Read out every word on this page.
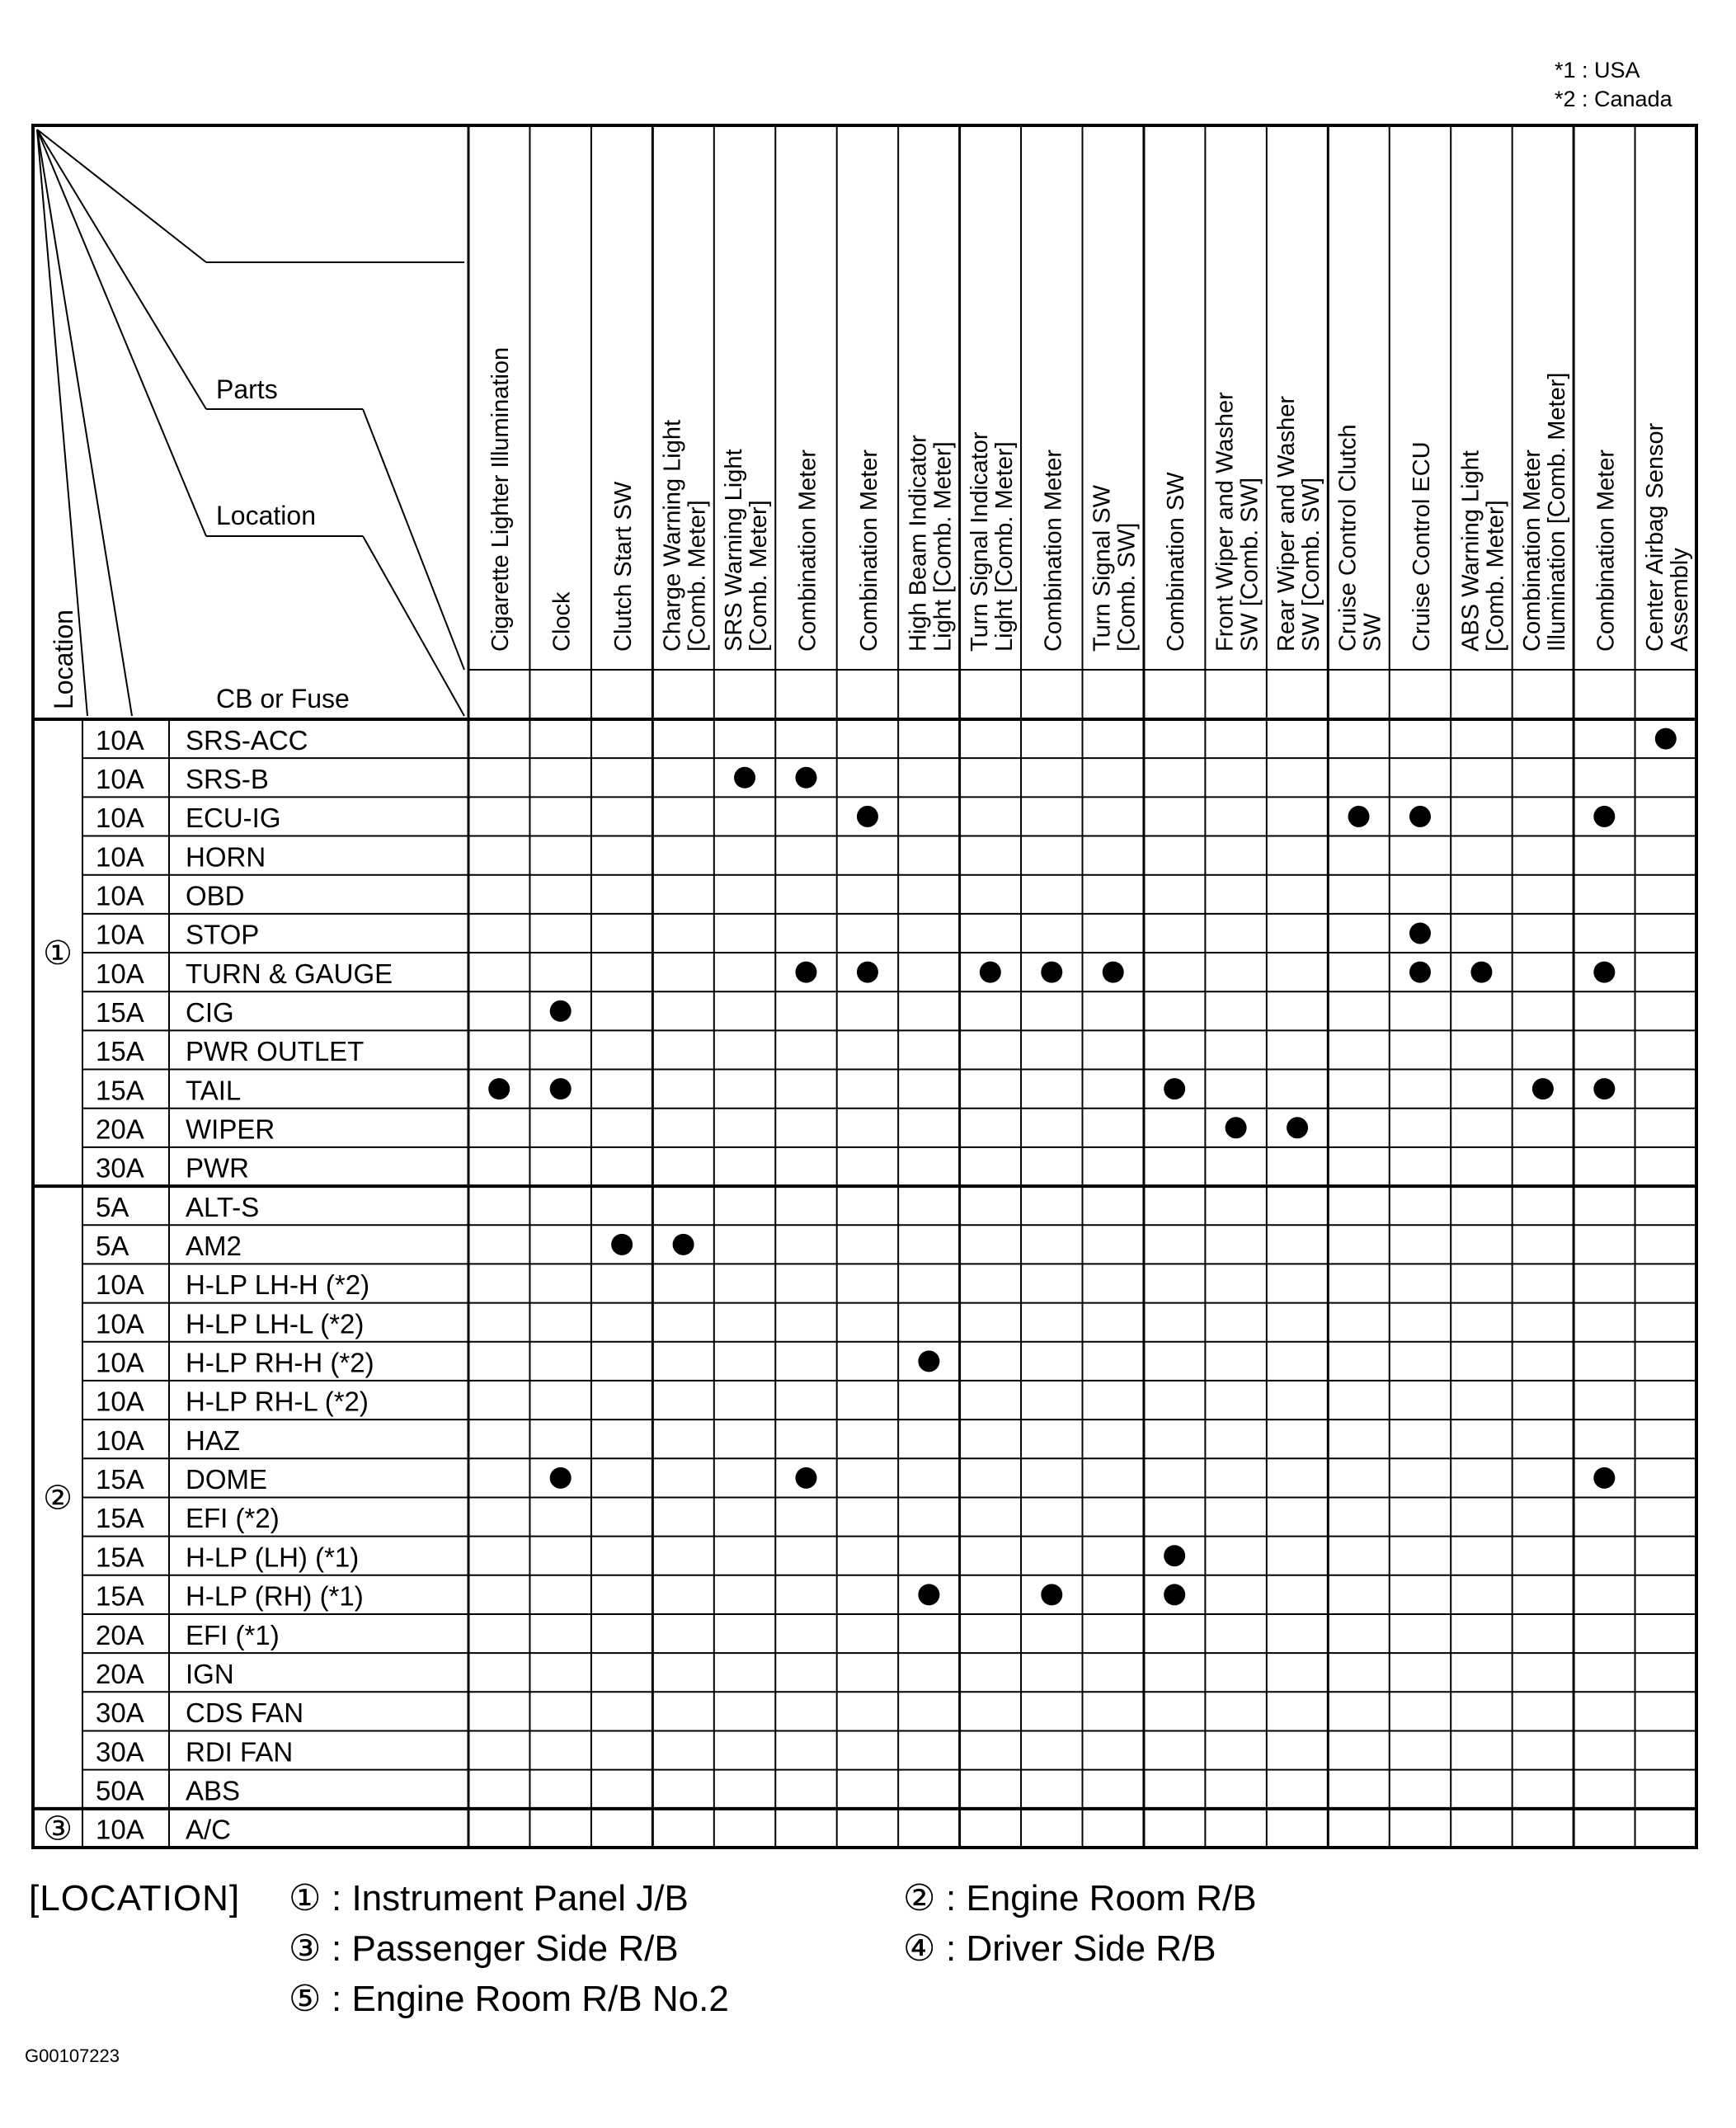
*1 : USA
*2 : Canada
Parts
Location
CB or Fuse
Location
Cigarette Lighter Illumination Clock Clutch Start SW Charge Warning Light
[Comb. Meter] SRS Warning Light
[Comb. Meter] Combination Meter Combination Meter High Beam Indicator
Light [Comb. Meter] Turn Signal Indicator
Light [Comb. Meter] Combination Meter Turn Signal SW
[Comb. SW] Combination SW Front Wiper and Washer
SW [Comb. SW] Rear Wiper and Washer
SW [Comb. SW] Cruise Control Clutch
SW Cruise Control ECU ABS Warning Light
[Comb. Meter] Combination Meter
Illumination [Comb. Meter] Combination Meter Center Airbag Sensor
Assembly
10A SRS-ACC
10A SRS-B
10A ECU-IG
10A HORN
10A OBD
10A STOP
10A TURN & GAUGE
15A CIG
15A PWR OUTLET
15A TAIL
20A WIPER
30A PWR
①
5A ALT-S
5A AM2
10A H-LP LH-H (*2)
10A H-LP LH-L (*2)
10A H-LP RH-H (*2)
10A H-LP RH-L (*2)
10A HAZ
15A DOME
15A EFI (*2)
15A H-LP (LH) (*1)
15A H-LP (RH) (*1)
20A EFI (*1)
20A IGN
30A CDS FAN
30A RDI FAN
50A ABS
②
10A A/C
③
[LOCATION] ① : Instrument Panel J/B	② : Engine Room R/B
③ : Passenger Side R/B	④ : Driver Side R/B
⑤ : Engine Room R/B No.2
G00107223
